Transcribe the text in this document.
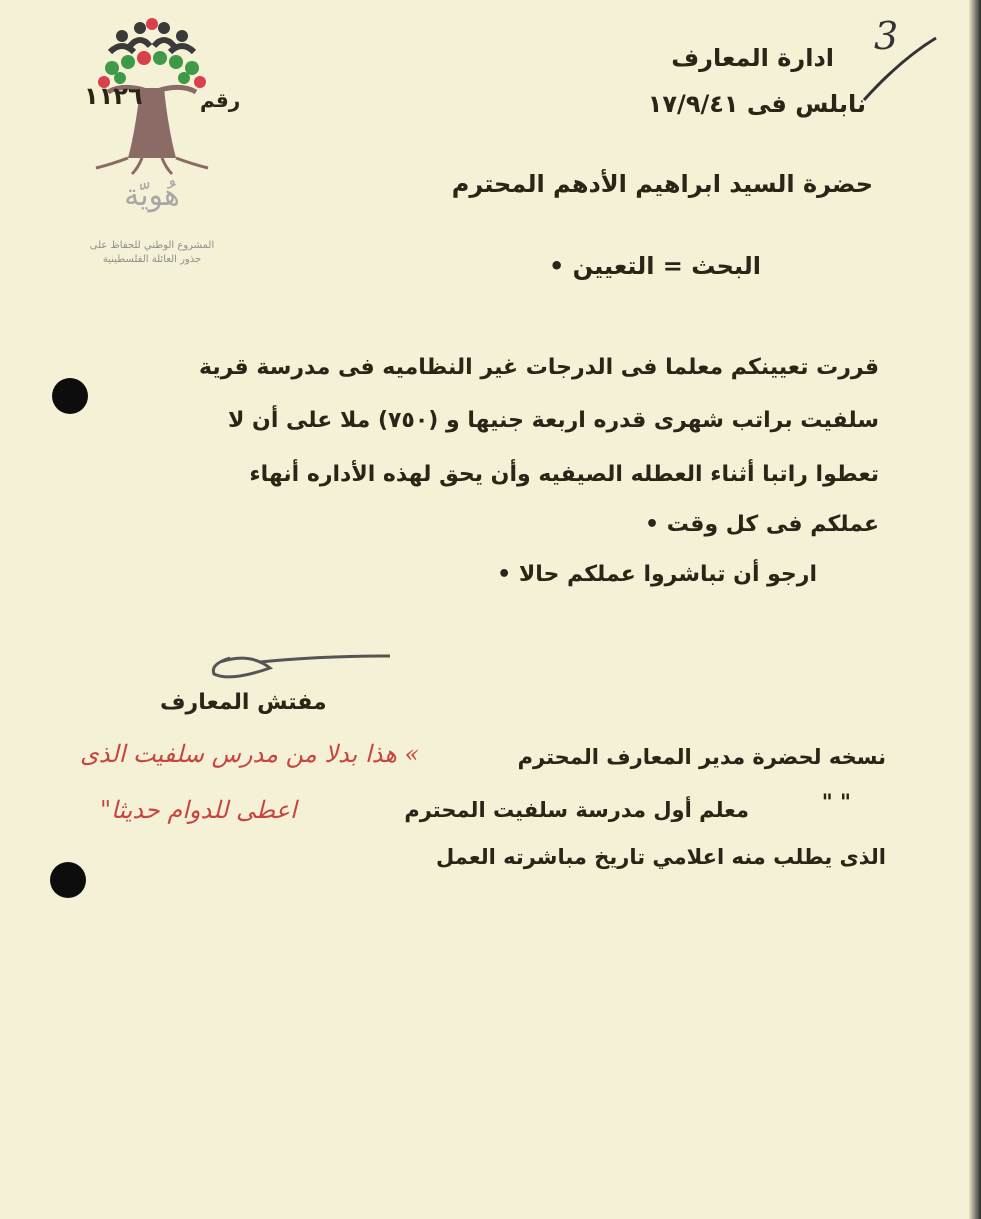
هُويّة
المشروع الوطني للحفاظ على
جذور العائلة الفلسطينية
3
ادارة المعارف
نابلس فى ١٧/٩/٤١
رقم
١١٢٦
حضرة السيد ابراهيم الأدهم المحترم
البحث = التعيين •
قررت تعيينكم معلما فى الدرجات غير النظاميه فى مدرسة قرية
سلفيت براتب شهرى قدره اربعة جنيها و (٧٥٠) ملا على أن لا
تعطوا راتبا أثناء العطله الصيفيه وأن يحق لهذه الأداره أنهاء
عملكم فى كل وقت •
ارجو أن تباشروا عملكم حالا •
مفتش المعارف
نسخه لحضرة مدير المعارف المحترم
» هذا بدلا من مدرس سلفيت الذى
" "
معلم أول مدرسة سلفيت المحترم
اعطى للدوام حديثا"
الذى يطلب منه اعلامي تاريخ مباشرته العمل
